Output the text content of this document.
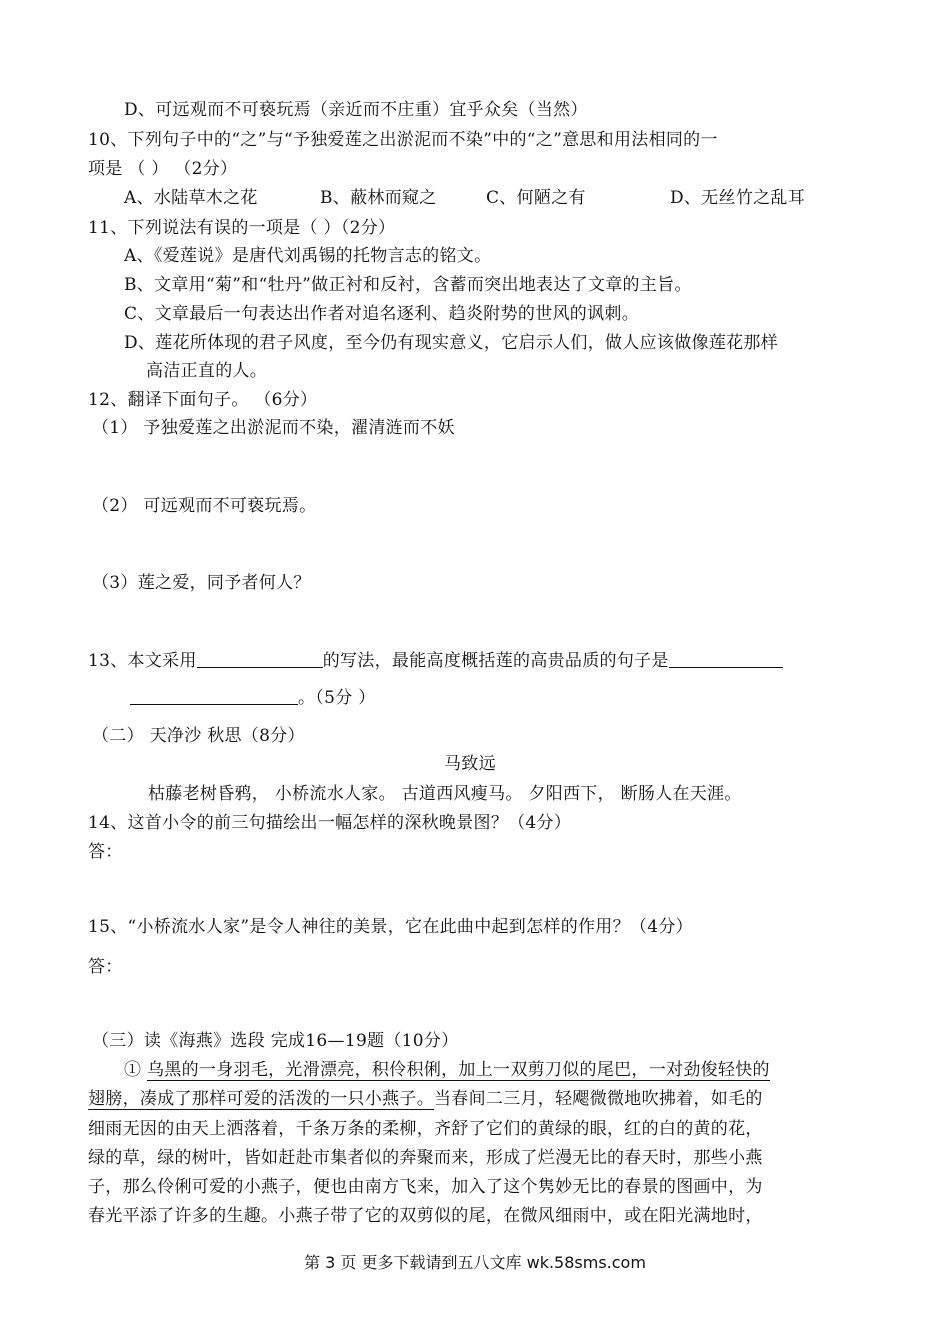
D、可远观而不可亵玩焉（亲近而不庄重）宜乎众矣（当然）
10、下列句子中的“之”与“予独爱莲之出淤泥而不染”中的“之”意思和用法相同的一
项是 （ ） （2分）
A、水陆草木之花	B、蔽林而窥之	C、何陋之有	D、无丝竹之乱耳
11、下列说法有误的一项是（ ）（2分）
A、《爱莲说》是唐代刘禹锡的托物言志的铭文。
B、文章用“菊”和“牡丹”做正衬和反衬，含蓄而突出地表达了文章的主旨。
C、文章最后一句表达出作者对追名逐利、趋炎附势的世风的讽刺。
D、莲花所体现的君子风度，至今仍有现实意义，它启示人们，做人应该做像莲花那样
高洁正直的人。
12、翻译下面句子。 （6分）
（1） 予独爱莲之出淤泥而不染，濯清涟而不妖
（2） 可远观而不可亵玩焉。
（3）莲之爱，同予者何人？
13、本文采用	的写法，最能高度概括莲的高贵品质的句子是
。（5分 ）
（二） 天净沙 秋思（8分）
马致远
枯藤老树昏鸦， 小桥流水人家。 古道西风瘦马。 夕阳西下， 断肠人在天涯。
14、这首小令的前三句描绘出一幅怎样的深秋晚景图？（4分）
答：
15、“小桥流水人家”是令人神往的美景，它在此曲中起到怎样的作用？（4分）
答：
（三）读《海燕》选段 完成16—19题（10分）
① 乌黑的一身羽毛，光滑漂亮，积伶积俐，加上一双剪刀似的尾巴，一对劲俊轻快的
翅膀，凑成了那样可爱的活泼的一只小燕子。当春间二三月，轻飔微微地吹拂着，如毛的
细雨无因的由天上洒落着，千条万条的柔柳，齐舒了它们的黄绿的眼，红的白的黄的花，
绿的草，绿的树叶，皆如赶赴市集者似的奔聚而来，形成了烂漫无比的春天时，那些小燕
子，那么伶俐可爱的小燕子，便也由南方飞来，加入了这个隽妙无比的春景的图画中，为
春光平添了许多的生趣。小燕子带了它的双剪似的尾，在微风细雨中，或在阳光满地时，
第 3 页 更多下载请到五八文库 wk.58sms.com
